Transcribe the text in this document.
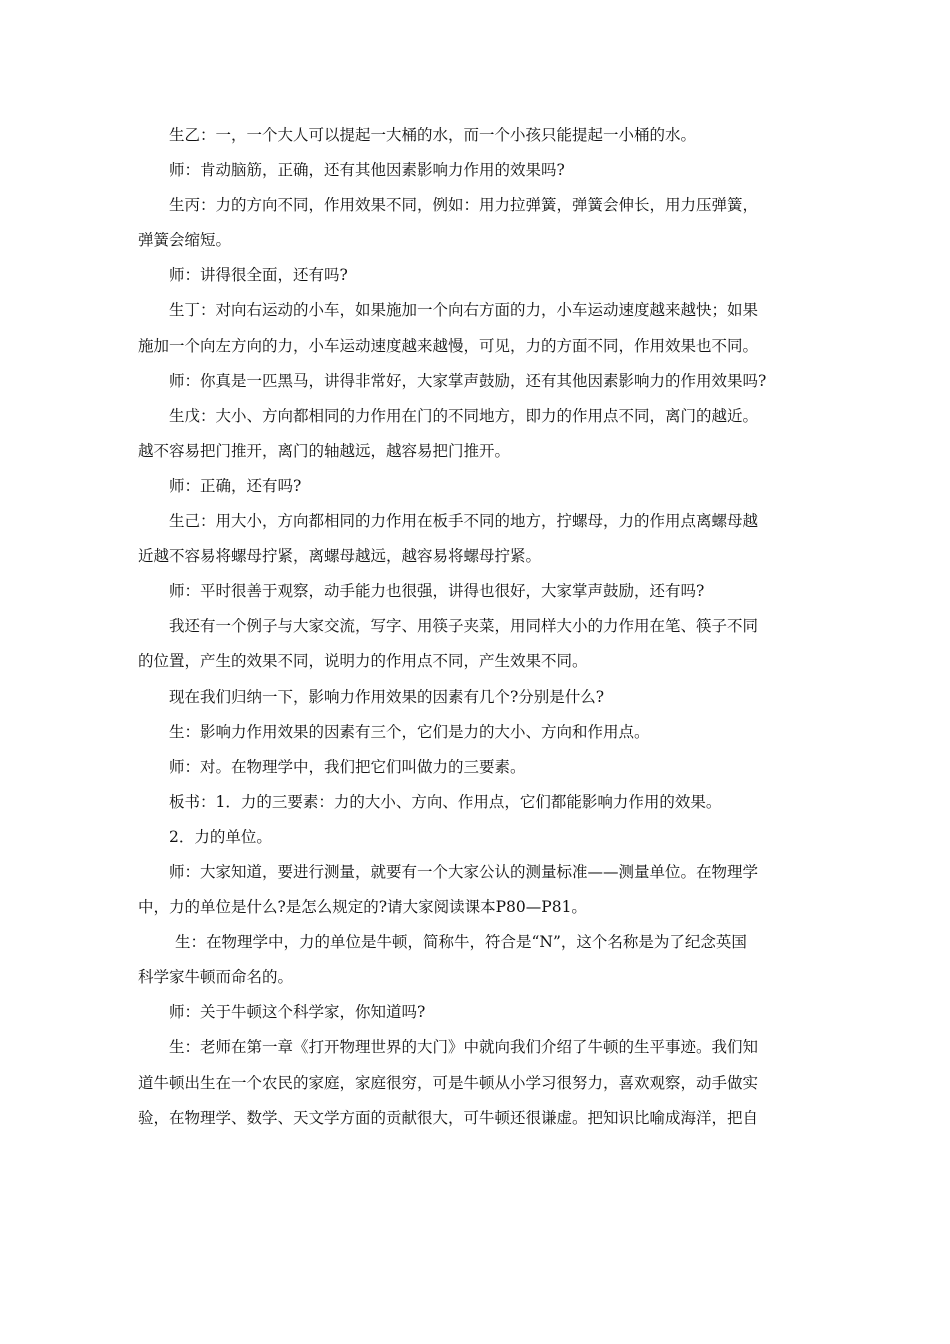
生乙：一，一个大人可以提起一大桶的水，而一个小孩只能提起一小桶的水。
师：肯动脑筋，正确，还有其他因素影响力作用的效果吗?
生丙：力的方向不同，作用效果不同，例如：用力拉弹簧，弹簧会伸长，用力压弹簧，
弹簧会缩短。
师：讲得很全面，还有吗?
生丁：对向右运动的小车，如果施加一个向右方面的力，小车运动速度越来越快；如果
施加一个向左方向的力，小车运动速度越来越慢，可见，力的方面不同，作用效果也不同。
师：你真是一匹黑马，讲得非常好，大家掌声鼓励，还有其他因素影响力的作用效果吗?
生戊：大小、方向都相同的力作用在门的不同地方，即力的作用点不同，离门的越近。
越不容易把门推开，离门的轴越远，越容易把门推开。
师：正确，还有吗?
生己：用大小，方向都相同的力作用在板手不同的地方，拧螺母，力的作用点离螺母越
近越不容易将螺母拧紧，离螺母越远，越容易将螺母拧紧。
师：平时很善于观察，动手能力也很强，讲得也很好，大家掌声鼓励，还有吗?
我还有一个例子与大家交流，写字、用筷子夹菜，用同样大小的力作用在笔、筷子不同
的位置，产生的效果不同，说明力的作用点不同，产生效果不同。
现在我们归纳一下，影响力作用效果的因素有几个?分别是什么?
生：影响力作用效果的因素有三个，它们是力的大小、方向和作用点。
师：对。在物理学中，我们把它们叫做力的三要素。
板书：1．力的三要素：力的大小、方向、作用点，它们都能影响力作用的效果。
2．力的单位。
师：大家知道，要进行测量，就要有一个大家公认的测量标准——测量单位。在物理学
中，力的单位是什么?是怎么规定的?请大家阅读课本P80—P81。
生：在物理学中，力的单位是牛顿，简称牛，符合是“N”，这个名称是为了纪念英国
科学家牛顿而命名的。
师：关于牛顿这个科学家，你知道吗?
生：老师在第一章《打开物理世界的大门》中就向我们介绍了牛顿的生平事迹。我们知
道牛顿出生在一个农民的家庭，家庭很穷，可是牛顿从小学习很努力，喜欢观察，动手做实
验，在物理学、数学、天文学方面的贡献很大，可牛顿还很谦虚。把知识比喻成海洋，把自
